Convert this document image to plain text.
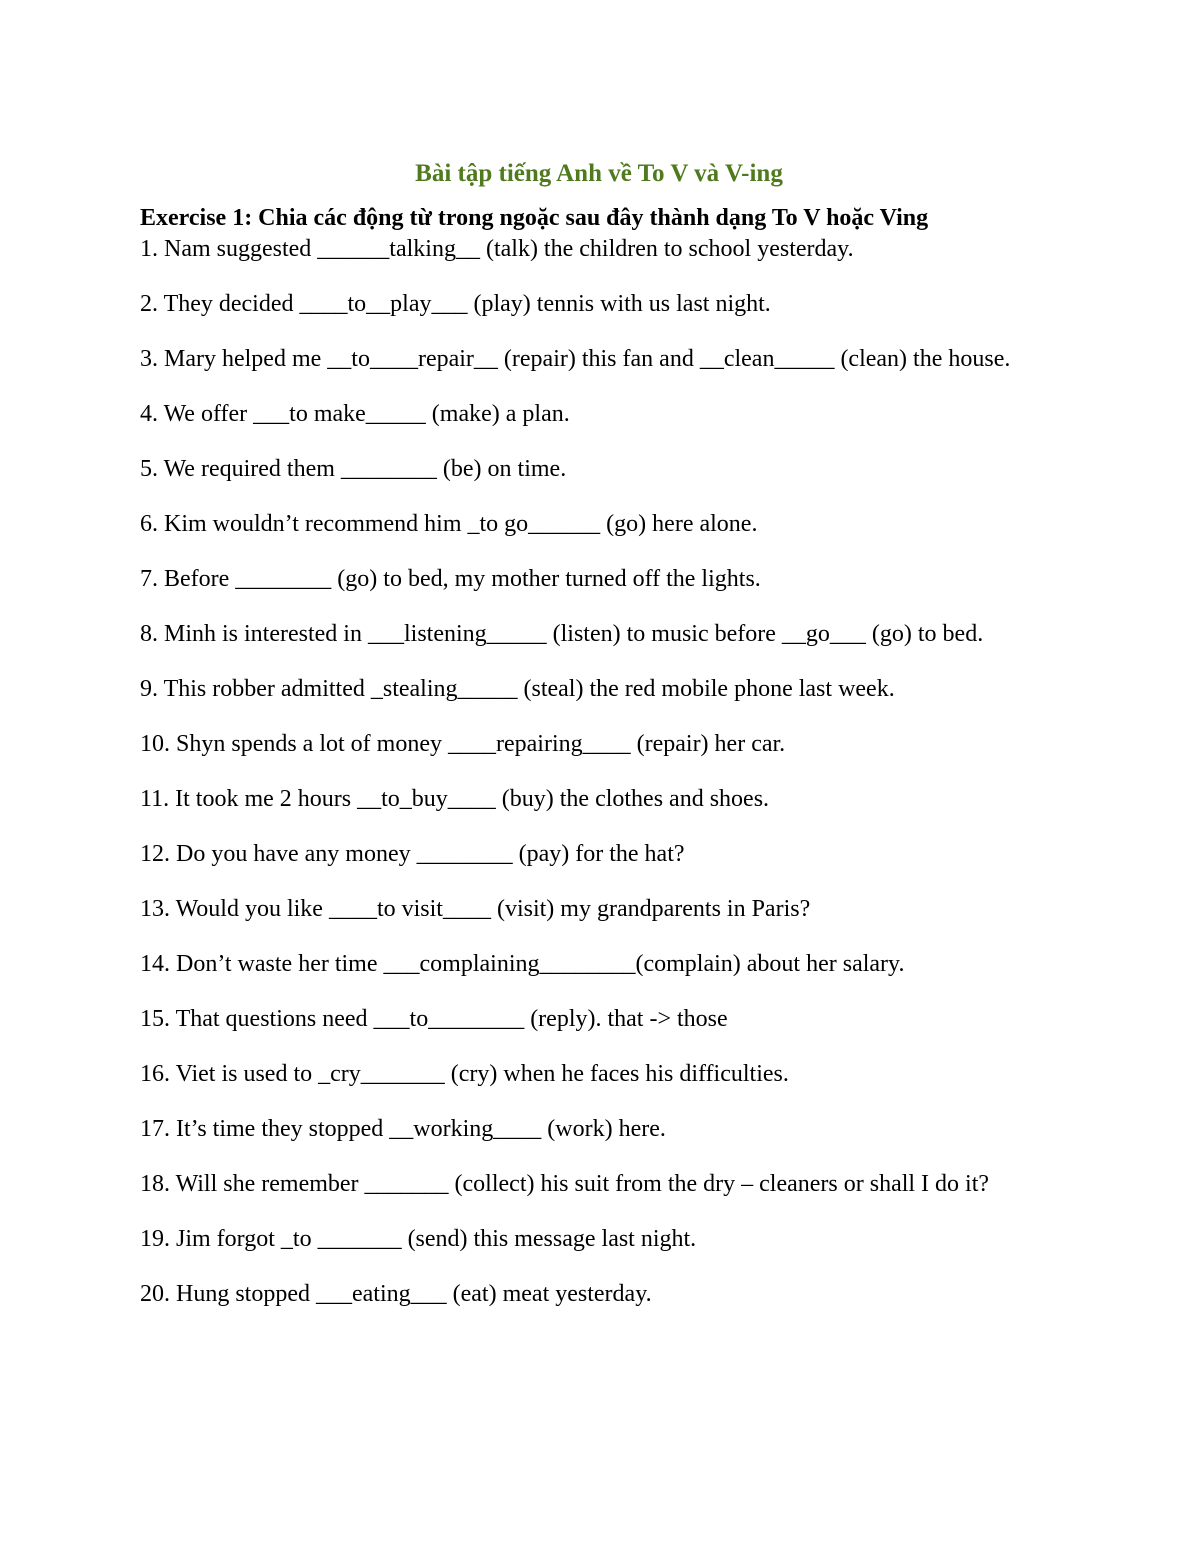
Bài tập tiếng Anh về To V và V-ing

Exercise 1: Chia các động từ trong ngoặc sau đây thành dạng To V hoặc Ving

1. Nam suggested ______talking__ (talk) the children to school yesterday.

2. They decided ____to__play___ (play) tennis with us last night.

3. Mary helped me __to____repair__ (repair) this fan and __clean_____ (clean) the house.

4. We offer ___to make_____ (make) a plan.

5. We required them ________ (be) on time.

6. Kim wouldn’t recommend him _to go______ (go) here alone.

7. Before ________ (go) to bed, my mother turned off the lights.

8. Minh is interested in ___listening_____ (listen) to music before __go___ (go) to bed.

9. This robber admitted _stealing_____ (steal) the red mobile phone last week.

10. Shyn spends a lot of money ____repairing____ (repair) her car.

11. It took me 2 hours __to_buy____ (buy) the clothes and shoes.

12. Do you have any money ________ (pay) for the hat?

13. Would you like ____to visit____ (visit) my grandparents in Paris?

14. Don’t waste her time ___complaining________(complain) about her salary.

15. That questions need ___to________ (reply). that -> those

16. Viet is used to _cry_______ (cry) when he faces his difficulties.

17. It’s time they stopped __working____ (work) here.

18. Will she remember _______ (collect) his suit from the dry – cleaners or shall I do it?

19. Jim forgot _to _______ (send) this message last night.

20. Hung stopped ___eating___ (eat) meat yesterday.
